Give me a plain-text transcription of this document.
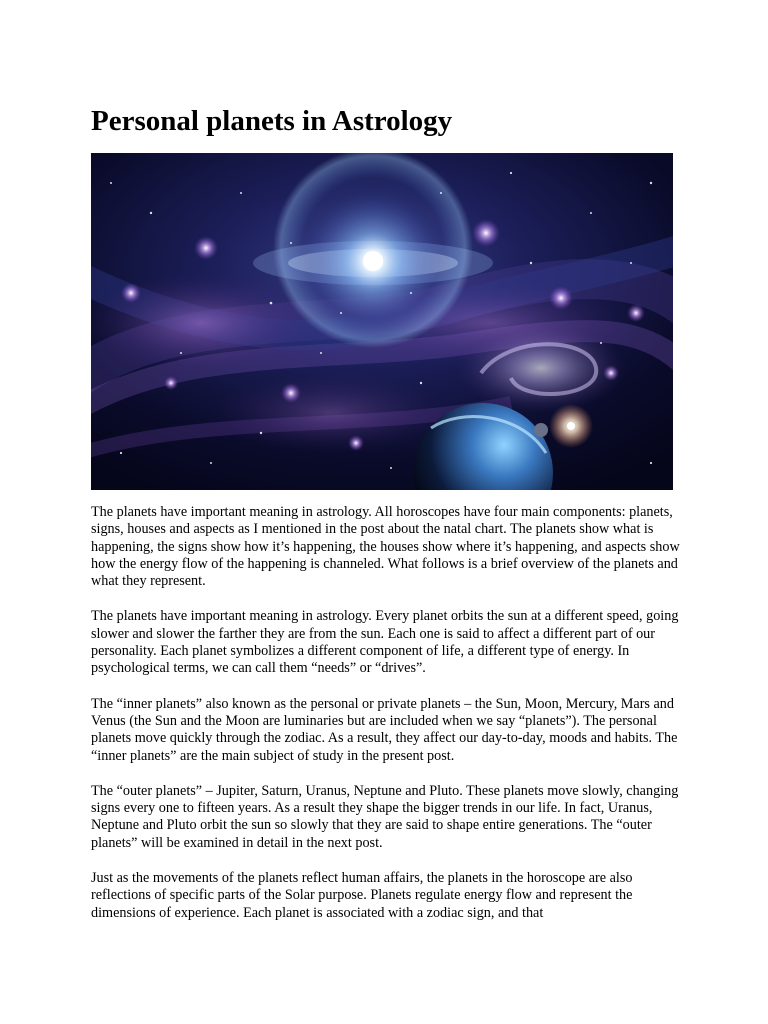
Personal planets in Astrology

The planets have important meaning in astrology. All horoscopes have four main components: planets, signs, houses and aspects as I mentioned in the post about the natal chart. The planets show what is happening, the signs show how it’s happening, the houses show where it’s happening, and aspects show how the energy flow of the happening is channeled. What follows is a brief overview of the planets and what they represent.

The planets have important meaning in astrology. Every planet orbits the sun at a different speed, going slower and slower the farther they are from the sun. Each one is said to affect a different part of our personality. Each planet symbolizes a different component of life, a different type of energy. In psychological terms, we can call them “needs” or “drives”.

The “inner planets” also known as the personal or private planets – the Sun, Moon, Mercury, Mars and Venus (the Sun and the Moon are luminaries but are included when we say “planets”). The personal planets move quickly through the zodiac. As a result, they affect our day-to-day, moods and habits. The “inner planets” are the main subject of study in the present post.

The “outer planets” – Jupiter, Saturn, Uranus, Neptune and Pluto. These planets move slowly, changing signs every one to fifteen years. As a result they shape the bigger trends in our life. In fact, Uranus, Neptune and Pluto orbit the sun so slowly that they are said to shape entire generations. The “outer planets” will be examined in detail in the next post.

Just as the movements of the planets reflect human affairs, the planets in the horoscope are also reflections of specific parts of the Solar purpose. Planets regulate energy flow and represent the dimensions of experience. Each planet is associated with a zodiac sign, and that
